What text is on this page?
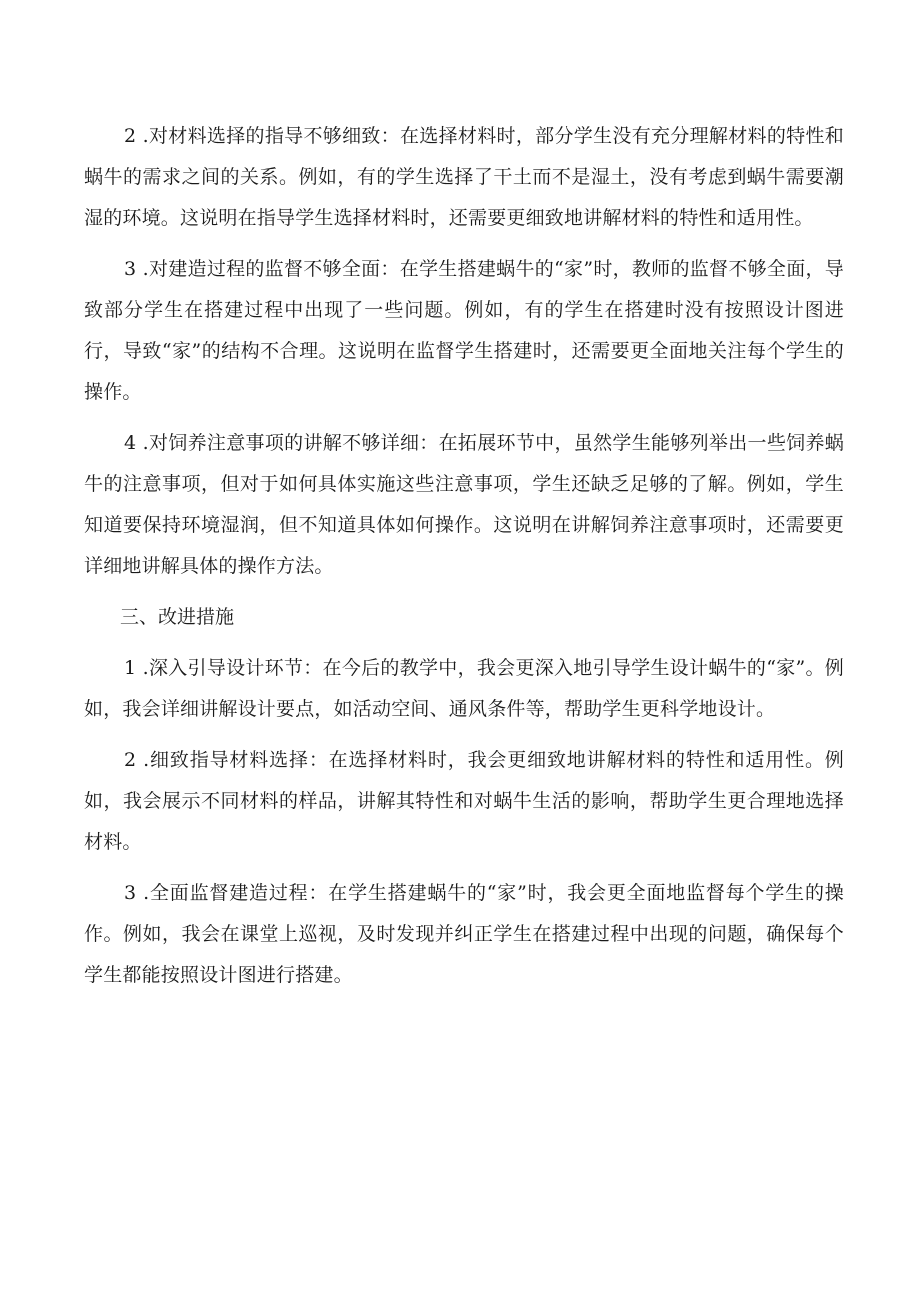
2 .对材料选择的指导不够细致：在选择材料时，部分学生没有充分理解材料的特性和蜗牛的需求之间的关系。例如，有的学生选择了干土而不是湿土，没有考虑到蜗牛需要潮湿的环境。这说明在指导学生选择材料时，还需要更细致地讲解材料的特性和适用性。

3 .对建造过程的监督不够全面：在学生搭建蜗牛的“家”时，教师的监督不够全面，导致部分学生在搭建过程中出现了一些问题。例如，有的学生在搭建时没有按照设计图进行，导致“家”的结构不合理。这说明在监督学生搭建时，还需要更全面地关注每个学生的操作。

4 .对饲养注意事项的讲解不够详细：在拓展环节中，虽然学生能够列举出一些饲养蜗牛的注意事项，但对于如何具体实施这些注意事项，学生还缺乏足够的了解。例如，学生知道要保持环境湿润，但不知道具体如何操作。这说明在讲解饲养注意事项时，还需要更详细地讲解具体的操作方法。

三、改进措施

1 .深入引导设计环节：在今后的教学中，我会更深入地引导学生设计蜗牛的“家”。例如，我会详细讲解设计要点，如活动空间、通风条件等，帮助学生更科学地设计。

2 .细致指导材料选择：在选择材料时，我会更细致地讲解材料的特性和适用性。例如，我会展示不同材料的样品，讲解其特性和对蜗牛生活的影响，帮助学生更合理地选择材料。

3 .全面监督建造过程：在学生搭建蜗牛的“家”时，我会更全面地监督每个学生的操作。例如，我会在课堂上巡视，及时发现并纠正学生在搭建过程中出现的问题，确保每个学生都能按照设计图进行搭建。
